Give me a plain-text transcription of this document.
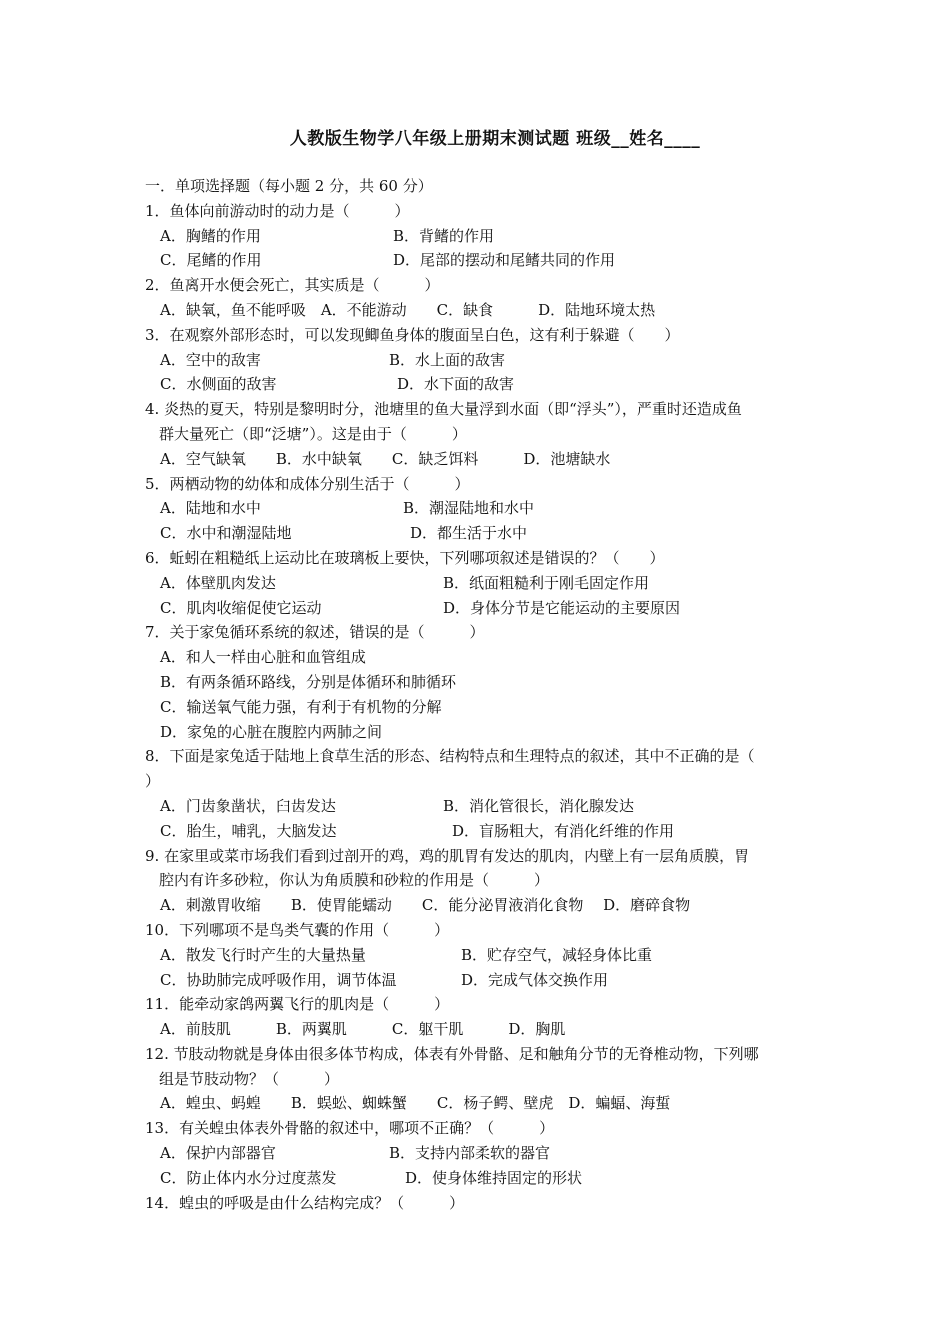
人教版生物学八年级上册期末测试题 班级__姓名____
一．单项选择题（每小题 2 分，共 60 分）
1．鱼体向前游动时的动力是（　　　）
A．胸鳍的作用	B．背鳍的作用
C．尾鳍的作用	D．尾部的摆动和尾鳍共同的作用
2．鱼离开水便会死亡，其实质是（　　　）
A．缺氧，鱼不能呼吸　A．不能游动　　C．缺食　　　D．陆地环境太热
3．在观察外部形态时，可以发现鲫鱼身体的腹面呈白色，这有利于躲避（　　）
A．空中的敌害	B．水上面的敌害
C．水侧面的敌害	D．水下面的敌害
4. 炎热的夏天，特别是黎明时分，池塘里的鱼大量浮到水面（即“浮头”），严重时还造成鱼
群大量死亡（即“泛塘”）。这是由于（　　　）
A．空气缺氧　　B．水中缺氧　　C．缺乏饵料　　　D．池塘缺水
5．两栖动物的幼体和成体分别生活于（　　　）
A．陆地和水中	B．潮湿陆地和水中
C．水中和潮湿陆地	D．都生活于水中
6．蚯蚓在粗糙纸上运动比在玻璃板上要快，下列哪项叙述是错误的？（　　）
A．体壁肌肉发达	B．纸面粗糙利于刚毛固定作用
C．肌肉收缩促使它运动	D．身体分节是它能运动的主要原因
7．关于家兔循环系统的叙述，错误的是（　　　）
A．和人一样由心脏和血管组成
B．有两条循环路线，分别是体循环和肺循环
C．输送氧气能力强，有利于有机物的分解
D．家兔的心脏在腹腔内两肺之间
8．下面是家兔适于陆地上食草生活的形态、结构特点和生理特点的叙述，其中不正确的是（
）
A．门齿象凿状，臼齿发达	B．消化管很长，消化腺发达
C．胎生，哺乳，大脑发达	D．盲肠粗大，有消化纤维的作用
9. 在家里或菜市场我们看到过剖开的鸡，鸡的肌胃有发达的肌肉，内壁上有一层角质膜，胃
腔内有许多砂粒，你认为角质膜和砂粒的作用是（　　　）
A．刺激胃收缩　　B．使胃能蠕动　　C．能分泌胃液消化食物　 D．磨碎食物
10．下列哪项不是鸟类气囊的作用（　　　）
A．散发飞行时产生的大量热量	B．贮存空气，减轻身体比重
C．协助肺完成呼吸作用，调节体温	D．完成气体交换作用
11．能牵动家鸽两翼飞行的肌肉是（　　　）
A．前肢肌　　　B．两翼肌　　　C．躯干肌　　　D．胸肌
12. 节肢动物就是身体由很多体节构成，体表有外骨骼、足和触角分节的无脊椎动物，下列哪
组是节肢动物？（　　　）
A．蝗虫、蚂蝗　　B．蜈蚣、蜘蛛蟹　　C．杨子鳄、壁虎　D．蝙蝠、海蜇
13．有关蝗虫体表外骨骼的叙述中，哪项不正确？（　　　）
A．保护内部器官	B．支持内部柔软的器官
C．防止体内水分过度蒸发	D．使身体维持固定的形状
14．蝗虫的呼吸是由什么结构完成？（　　　）
